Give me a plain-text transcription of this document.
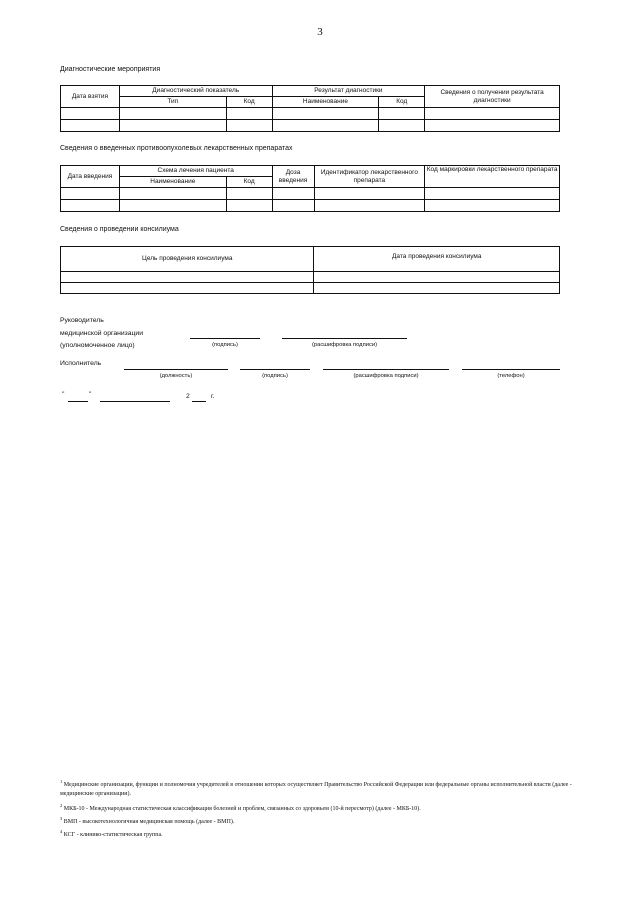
3
Диагностические мероприятия
Дата взятия	Диагностический показатель		Результат диагностики		Сведения о получении результата диагностики
	Тип	Код	Наименование	Код	

Сведения о введенных противоопухолевых лекарственных препаратах
Дата введения	Схема лечения пациента		Доза введения	Идентификатор лекарственного препарата	Код маркировки лекарственного препарата
	Наименование	Код			

Сведения о проведении консилиума
Цель проведения консилиума	Дата проведения консилиума

Руководитель
медицинской организации
(уполномоченное лицо)	(подпись)	(расшифровка подписи)
Исполнитель
(должность)	(подпись)	(расшифровка подписи)	(телефон)
"	"	2	г.
$^1$ Медицинские организации, функции и полномочия учредителей в отношении которых осуществляет Правительство Российской Федерации или федеральные органы исполнительной власти (далее - медицинские организации).
$^2$ МКБ-10 - Международная статистическая классификация болезней и проблем, связанных со здоровьем (10-й пересмотр) (далее - МКБ-10).
$^3$ ВМП - высокотехнологичная медицинская помощь (далее - ВМП).
$^4$ КСГ - клинико-статистическая группа.
